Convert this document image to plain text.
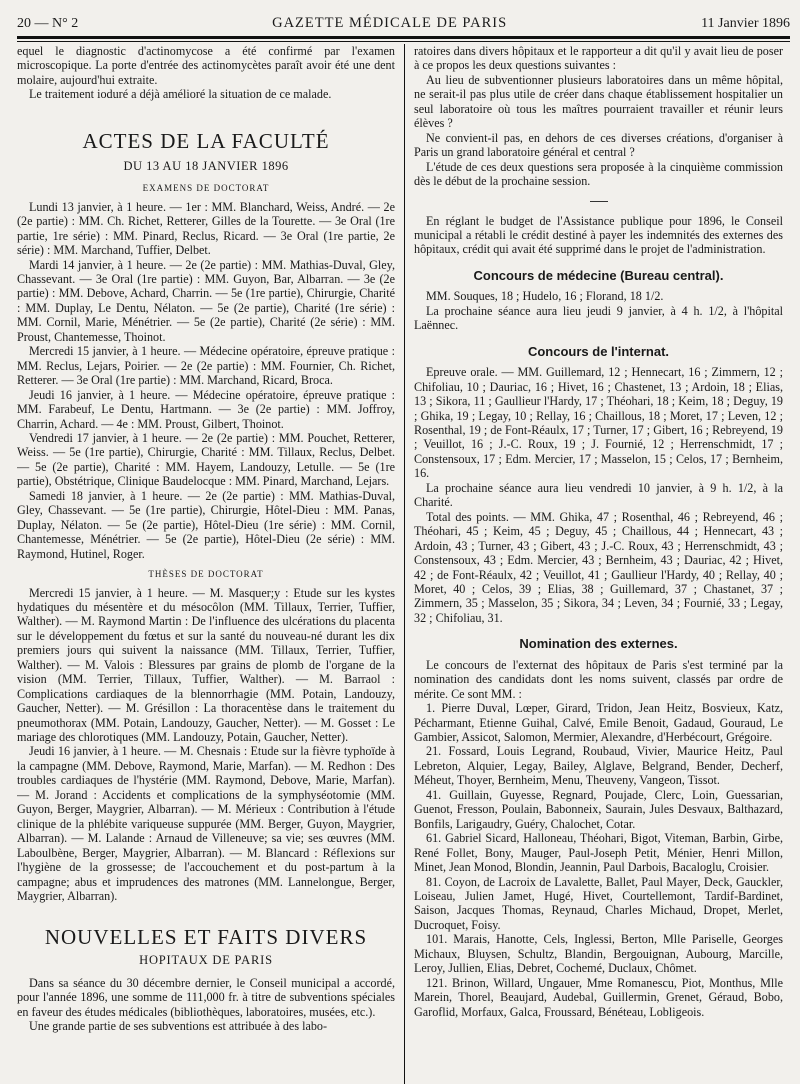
20 — N° 2	GAZETTE MÉDICALE DE PARIS	11 Janvier 1896

equel le diagnostic d'actinomycose a été confirmé par l'examen microscopique. La porte d'entrée des actinomycètes paraît avoir été une dent molaire, aujourd'hui extraite.

Le traitement ioduré a déjà amélioré la situation de ce malade.

ACTES DE LA FACULTÉ
DU 13 AU 18 JANVIER 1896
EXAMENS DE DOCTORAT

Lundi 13 janvier, à 1 heure. — 1er : MM. Blanchard, Weiss, André. — 2e (2e partie) : MM. Ch. Richet, Retterer, Gilles de la Tourette. — 3e Oral (1re partie, 1re série) : MM. Pinard, Reclus, Ricard. — 3e Oral (1re partie, 2e série) : MM. Marchand, Tuffier, Delbet.

Mardi 14 janvier, à 1 heure. — 2e (2e partie) : MM. Mathias-Duval, Gley, Chassevant. — 3e Oral (1re partie) : MM. Guyon, Bar, Albarran. — 3e (2e partie) : MM. Debove, Achard, Charrin. — 5e (1re partie), Chirurgie, Charité : MM. Duplay, Le Dentu, Nélaton. — 5e (2e partie), Charité (1re série) : MM. Cornil, Marie, Ménétrier. — 5e (2e partie), Charité (2e série) : MM. Proust, Chantemesse, Thoinot.

Mercredi 15 janvier, à 1 heure. — Médecine opératoire, épreuve pratique : MM. Reclus, Lejars, Poirier. — 2e (2e partie) : MM. Fournier, Ch. Richet, Retterer. — 3e Oral (1re partie) : MM. Marchand, Ricard, Broca.

Jeudi 16 janvier, à 1 heure. — Médecine opératoire, épreuve pratique : MM. Farabeuf, Le Dentu, Hartmann. — 3e (2e partie) : MM. Joffroy, Charrin, Achard. — 4e : MM. Proust, Gilbert, Thoinot.

Vendredi 17 janvier, à 1 heure. — 2e (2e partie) : MM. Pouchet, Retterer, Weiss. — 5e (1re partie), Chirurgie, Charité : MM. Tillaux, Reclus, Delbet. — 5e (2e partie), Charité : MM. Hayem, Landouzy, Letulle. — 5e (1re partie), Obstétrique, Clinique Baudelocque : MM. Pinard, Marchand, Lejars.

Samedi 18 janvier, à 1 heure. — 2e (2e partie) : MM. Mathias-Duval, Gley, Chassevant. — 5e (1re partie), Chirurgie, Hôtel-Dieu : MM. Panas, Duplay, Nélaton. — 5e (2e partie), Hôtel-Dieu (1re série) : MM. Cornil, Chantemesse, Ménétrier. — 5e (2e partie), Hôtel-Dieu (2e série) : MM. Raymond, Hutinel, Roger.

THÈSES DE DOCTORAT

Mercredi 15 janvier, à 1 heure. — M. Masquer;y : Etude sur les kystes hydatiques du mésentère et du mésocôlon (MM. Tillaux, Terrier, Tuffier, Walther). — M. Raymond Martin : De l'influence des ulcérations du placenta sur le développement du fœtus et sur la santé du nouveau-né durant les dix premiers jours qui suivent la naissance (MM. Tillaux, Terrier, Tuffier, Walther). — M. Valois : Blessures par grains de plomb de l'organe de la vision (MM. Terrier, Tillaux, Tuffier, Walther). — M. Barraol : Complications cardiaques de la blennorrhagie (MM. Potain, Landouzy, Gaucher, Netter). — M. Grésillon : La thoracentèse dans le traitement du pneumothorax (MM. Potain, Landouzy, Gaucher, Netter). — M. Gosset : Le mariage des chlorotiques (MM. Landouzy, Potain, Gaucher, Netter).

Jeudi 16 janvier, à 1 heure. — M. Chesnais : Etude sur la fièvre typhoïde à la campagne (MM. Debove, Raymond, Marie, Marfan). — M. Redhon : Des troubles cardiaques de l'hystérie (MM. Raymond, Debove, Marie, Marfan). — M. Jorand : Accidents et complications de la symphyséotomie (MM. Guyon, Berger, Maygrier, Albarran). — M. Mérieux : Contribution à l'étude clinique de la phlébite variqueuse suppurée (MM. Berger, Guyon, Maygrier, Albarran). — M. Lalande : Arnaud de Villeneuve; sa vie; ses œuvres (MM. Laboulbène, Berger, Maygrier, Albarran). — M. Blancard : Réflexions sur l'hygiène de la grossesse; de l'accouchement et du post-partum à la campagne; abus et imprudences des matrones (MM. Lannelongue, Berger, Maygrier, Albarran).

NOUVELLES ET FAITS DIVERS
HOPITAUX DE PARIS

Dans sa séance du 30 décembre dernier, le Conseil municipal a accordé, pour l'année 1896, une somme de 111,000 fr. à titre de subventions spéciales en faveur des études médicales (bibliothèques, laboratoires, musées, etc.).

Une grande partie de ses subventions est attribuée à des labo-

ratoires dans divers hôpitaux et le rapporteur a dit qu'il y avait lieu de poser à ce propos les deux questions suivantes :

Au lieu de subventionner plusieurs laboratoires dans un même hôpital, ne serait-il pas plus utile de créer dans chaque établissement hospitalier un seul laboratoire où tous les maîtres pourraient travailler et réunir leurs élèves ?

Ne convient-il pas, en dehors de ces diverses créations, d'organiser à Paris un grand laboratoire général et central ?

L'étude de ces deux questions sera proposée à la cinquième commission dès le début de la prochaine session.

En réglant le budget de l'Assistance publique pour 1896, le Conseil municipal a rétabli le crédit destiné à payer les indemnités des externes des hôpitaux, crédit qui avait été supprimé dans le projet de l'administration.

Concours de médecine (Bureau central).

MM. Souques, 18 ; Hudelo, 16 ; Florand, 18 1/2.

La prochaine séance aura lieu jeudi 9 janvier, à 4 h. 1/2, à l'hôpital Laënnec.

Concours de l'internat.

Epreuve orale. — MM. Guillemard, 12 ; Hennecart, 16 ; Zimmern, 12 ; Chifoliau, 10 ; Dauriac, 16 ; Hivet, 16 ; Chastenet, 13 ; Ardoin, 18 ; Elias, 13 ; Sikora, 11 ; Gaullieur l'Hardy, 17 ; Théohari, 18 ; Keim, 18 ; Deguy, 19 ; Ghika, 19 ; Legay, 10 ; Rellay, 16 ; Chaillous, 18 ; Moret, 17 ; Leven, 12 ; Rosenthal, 19 ; de Font-Réaulx, 17 ; Turner, 17 ; Gibert, 16 ; Rebreyend, 19 ; Veuillot, 16 ; J.-C. Roux, 19 ; J. Fournié, 12 ; Herrenschmidt, 17 ; Constensoux, 17 ; Edm. Mercier, 17 ; Masselon, 15 ; Celos, 17 ; Bernheim, 16.

La prochaine séance aura lieu vendredi 10 janvier, à 9 h. 1/2, à la Charité.

Total des points. — MM. Ghika, 47 ; Rosenthal, 46 ; Rebreyend, 46 ; Théohari, 45 ; Keim, 45 ; Deguy, 45 ; Chaillous, 44 ; Hennecart, 43 ; Ardoin, 43 ; Turner, 43 ; Gibert, 43 ; J.-C. Roux, 43 ; Herrenschmidt, 43 ; Constensoux, 43 ; Edm. Mercier, 43 ; Bernheim, 43 ; Dauriac, 42 ; Hivet, 42 ; de Font-Réaulx, 42 ; Veuillot, 41 ; Gaullieur l'Hardy, 40 ; Rellay, 40 ; Moret, 40 ; Celos, 39 ; Elias, 38 ; Guillemard, 37 ; Chastanet, 37 ; Zimmern, 35 ; Masselon, 35 ; Sikora, 34 ; Leven, 34 ; Fournié, 33 ; Legay, 32 ; Chifoliau, 31.

Nomination des externes.

Le concours de l'externat des hôpitaux de Paris s'est terminé par la nomination des candidats dont les noms suivent, classés par ordre de mérite. Ce sont MM. :

1. Pierre Duval, Lœper, Girard, Tridon, Jean Heitz, Bosvieux, Katz, Pécharmant, Etienne Guihal, Calvé, Emile Benoit, Gadaud, Gouraud, Le Gambier, Assicot, Salomon, Mermier, Alexandre, d'Herbécourt, Grégoire.

21. Fossard, Louis Legrand, Roubaud, Vivier, Maurice Heitz, Paul Lebreton, Alquier, Legay, Bailey, Alglave, Belgrand, Bender, Decherf, Méheut, Thoyer, Bernheim, Menu, Theuveny, Vangeon, Tissot.

41. Guillain, Guyesse, Regnard, Poujade, Clerc, Loin, Guessarian, Guenot, Fresson, Poulain, Babonneix, Saurain, Jules Desvaux, Balthazard, Bonfils, Larigaudry, Guéry, Chalochet, Cotar.

61. Gabriel Sicard, Halloneau, Théohari, Bigot, Viteman, Barbin, Girbe, René Follet, Bony, Mauger, Paul-Joseph Petit, Ménier, Henri Millon, Minet, Jean Monod, Blondin, Jeannin, Paul Darbois, Bacaloglu, Croisier.

81. Coyon, de Lacroix de Lavalette, Ballet, Paul Mayer, Deck, Gauckler, Loiseau, Julien Jamet, Hugé, Hivet, Courtellemont, Tardif-Bardinet, Saison, Jacques Thomas, Reynaud, Charles Michaud, Dropet, Merlet, Ducroquet, Foisy.

101. Marais, Hanotte, Cels, Inglessi, Berton, Mlle Pariselle, Georges Michaux, Bluysen, Schultz, Blandin, Bergouignan, Aubourg, Marcille, Leroy, Jullien, Elias, Debret, Cochemé, Duclaux, Chômet.

121. Brinon, Willard, Ungauer, Mme Romanescu, Piot, Monthus, Mlle Marein, Thorel, Beaujard, Audebal, Guillermin, Grenet, Géraud, Bobo, Garoflid, Morfaux, Galca, Froussard, Bénéteau, Lobligeois.
